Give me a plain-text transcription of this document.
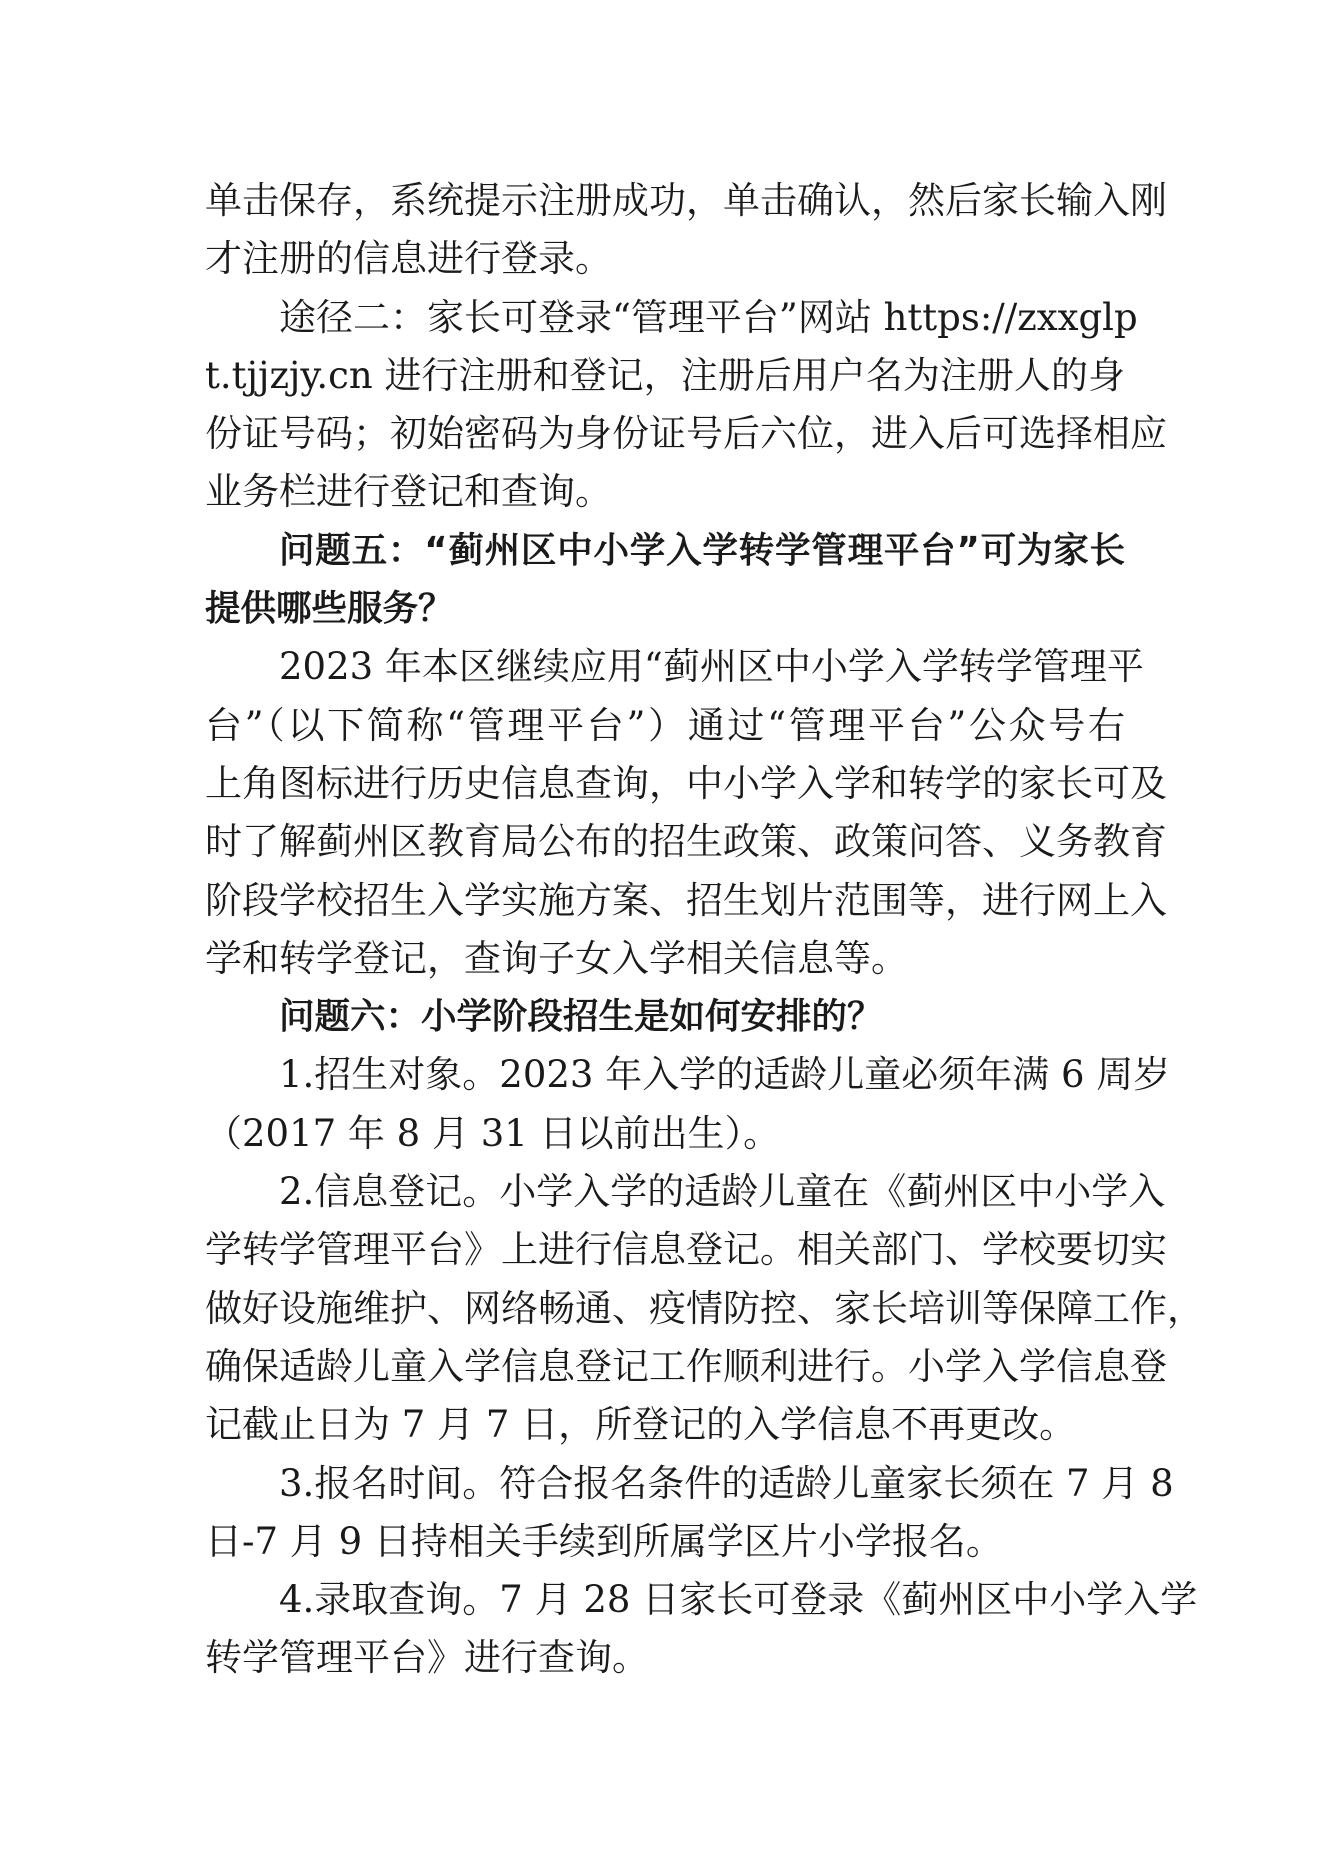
单击保存，系统提示注册成功，单击确认，然后家长输入刚
才注册的信息进行登录。

途径二：家长可登录“管理平台”网站 https://zxxglp
t.tjjzjy.cn 进行注册和登记，注册后用户名为注册人的身
份证号码；初始密码为身份证号后六位，进入后可选择相应
业务栏进行登记和查询。

问题五：“蓟州区中小学入学转学管理平台”可为家长
提供哪些服务？

2023 年本区继续应用“蓟州区中小学入学转学管理平
台”（以下简称“管理平台”）通过“管理平台”公众号右
上角图标进行历史信息查询，中小学入学和转学的家长可及
时了解蓟州区教育局公布的招生政策、政策问答、义务教育
阶段学校招生入学实施方案、招生划片范围等，进行网上入
学和转学登记，查询子女入学相关信息等。

问题六：小学阶段招生是如何安排的？

1.招生对象。2023 年入学的适龄儿童必须年满 6 周岁
（2017 年 8 月 31 日以前出生）。

2.信息登记。小学入学的适龄儿童在《蓟州区中小学入
学转学管理平台》上进行信息登记。相关部门、学校要切实
做好设施维护、网络畅通、疫情防控、家长培训等保障工作，
确保适龄儿童入学信息登记工作顺利进行。小学入学信息登
记截止日为 7 月 7 日，所登记的入学信息不再更改。

3.报名时间。符合报名条件的适龄儿童家长须在 7 月 8
日-7 月 9 日持相关手续到所属学区片小学报名。

4.录取查询。7 月 28 日家长可登录《蓟州区中小学入学
转学管理平台》进行查询。
